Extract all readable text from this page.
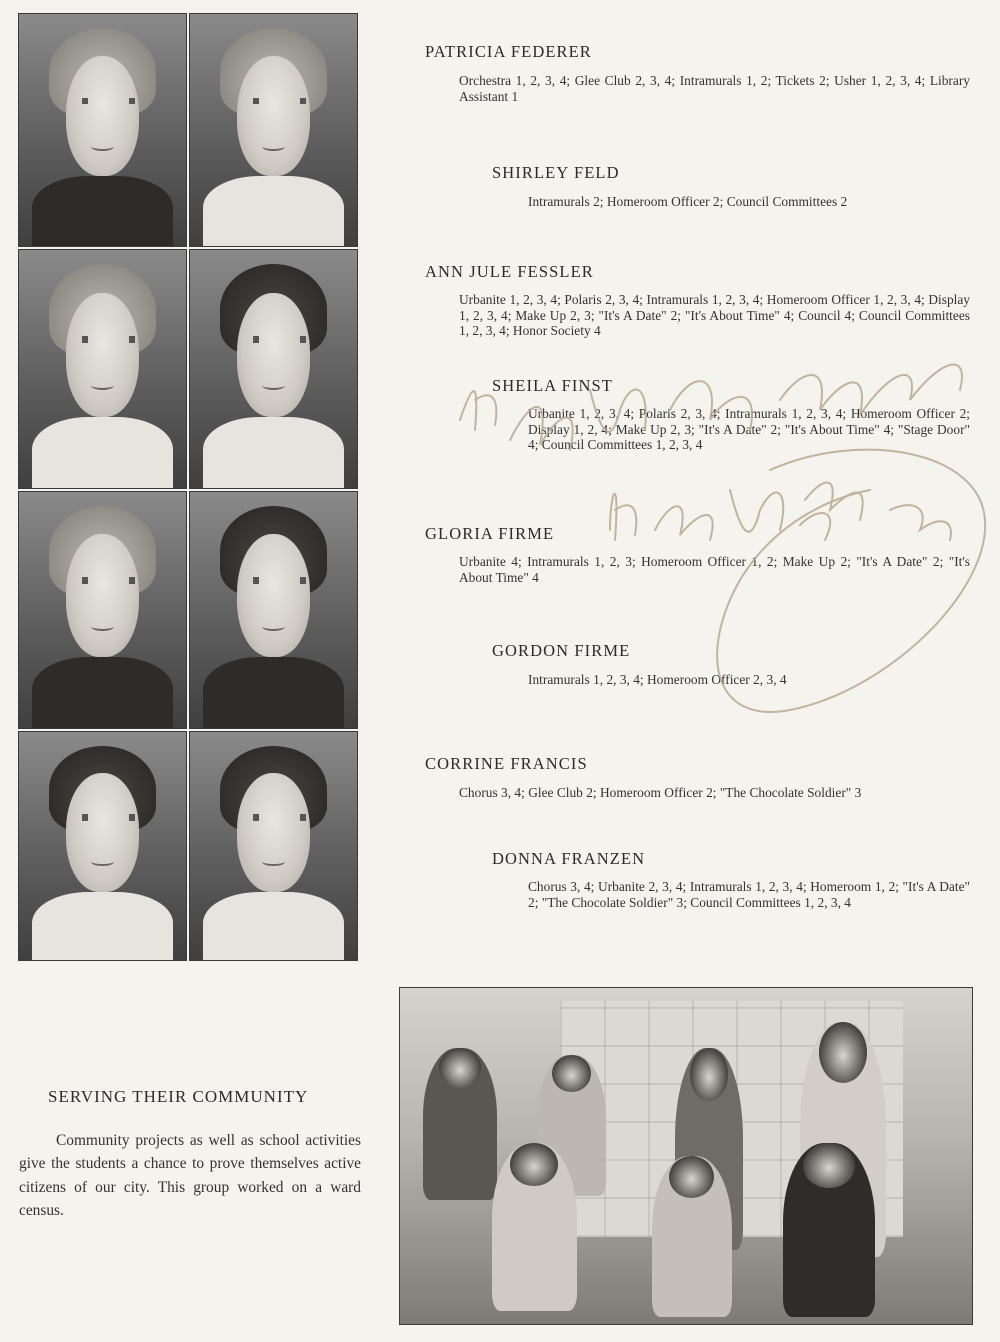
PATRICIA FEDERER
Orchestra 1, 2, 3, 4; Glee Club 2, 3, 4; Intramurals 1, 2; Tickets 2; Usher 1, 2, 3, 4; Library Assistant 1
SHIRLEY FELD
Intramurals 2; Homeroom Officer 2; Council Committees 2
ANN JULE FESSLER
Urbanite 1, 2, 3, 4; Polaris 2, 3, 4; Intramurals 1, 2, 3, 4; Homeroom Officer 1, 2, 3, 4; Display 1, 2, 3, 4; Make Up 2, 3; "It's A Date" 2; "It's About Time" 4; Council 4; Council Committees 1, 2, 3, 4; Honor Society 4
SHEILA FINST
Urbanite 1, 2, 3, 4; Polaris 2, 3, 4; Intramurals 1, 2, 3, 4; Homeroom Officer 2; Display 1, 2, 4; Make Up 2, 3; "It's A Date" 2; "It's About Time" 4; "Stage Door" 4; Council Committees 1, 2, 3, 4
GLORIA FIRME
Urbanite 4; Intramurals 1, 2, 3; Homeroom Officer 1, 2; Make Up 2; "It's A Date" 2; "It's About Time" 4
GORDON FIRME
Intramurals 1, 2, 3, 4; Homeroom Officer 2, 3, 4
CORRINE FRANCIS
Chorus 3, 4; Glee Club 2; Homeroom Officer 2; "The Chocolate Soldier" 3
DONNA FRANZEN
Chorus 3, 4; Urbanite 2, 3, 4; Intramurals 1, 2, 3, 4; Homeroom 1, 2; "It's A Date" 2; "The Chocolate Soldier" 3; Council Committees 1, 2, 3, 4
SERVING THEIR COMMUNITY
Community projects as well as school activities give the students a chance to prove themselves active citizens of our city. This group worked on a ward census.
